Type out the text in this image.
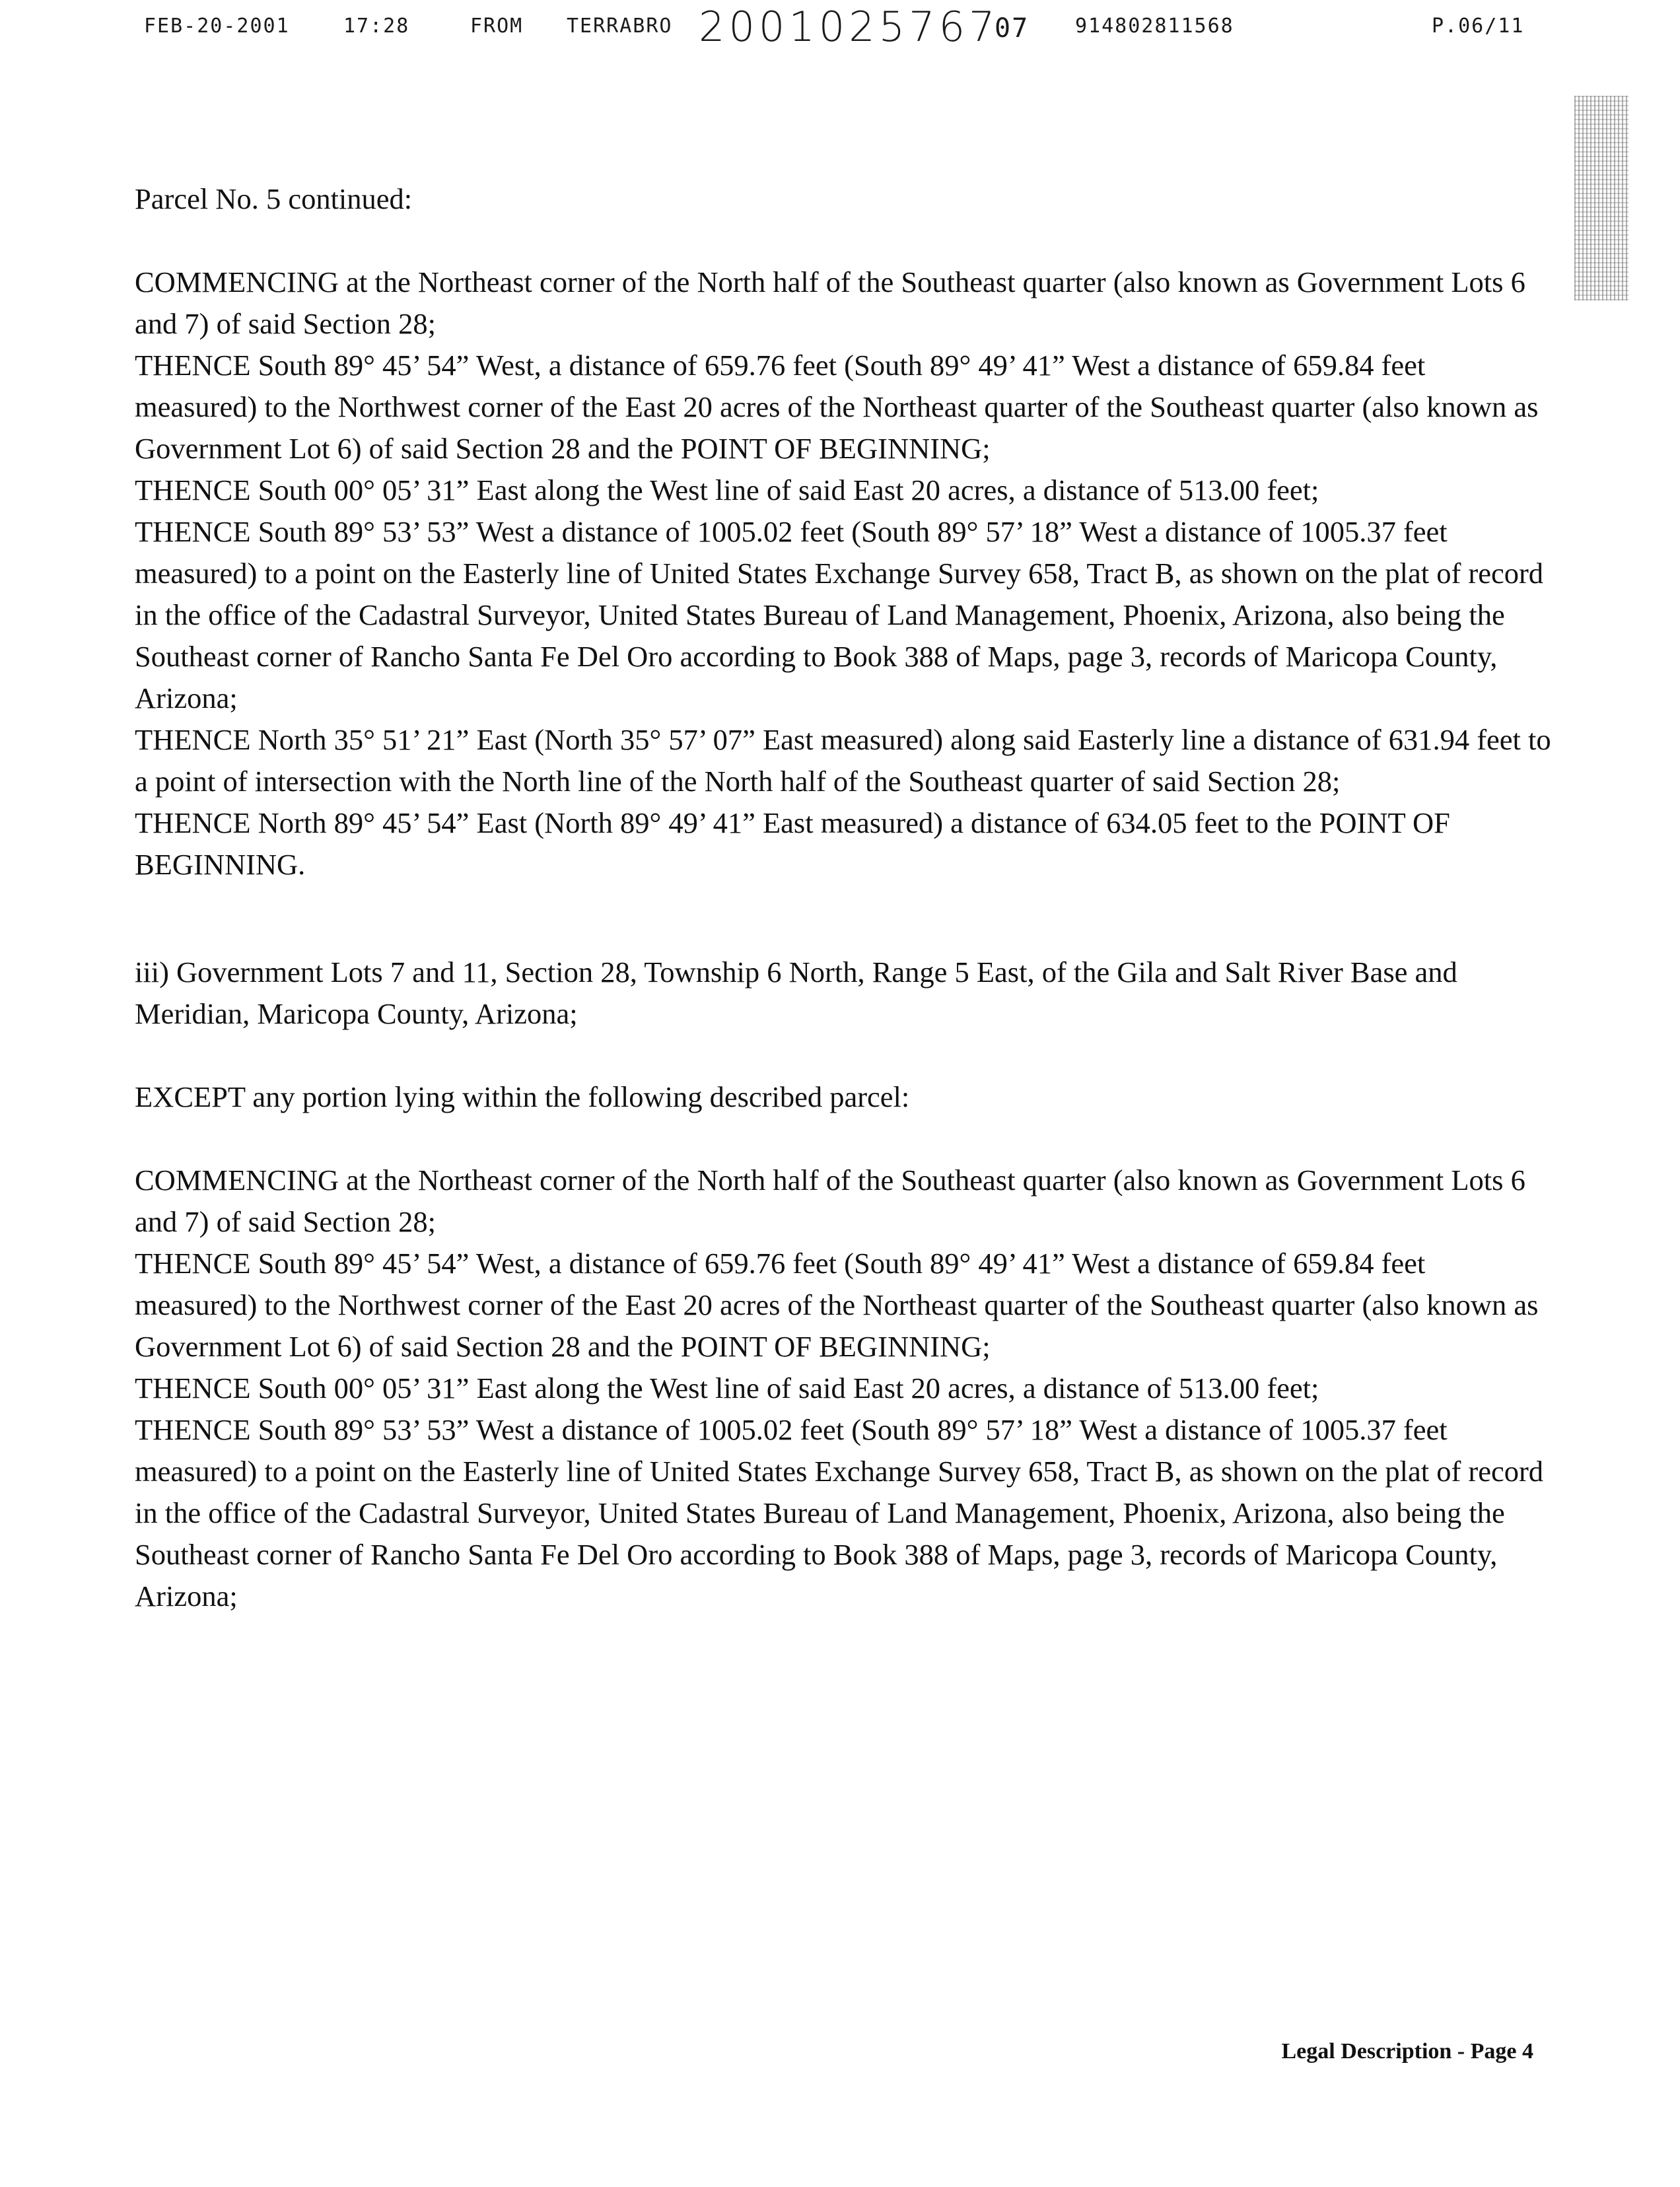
FEB-20-2001	17:28	FROM TERRABRO 2001025767
07 914802811568	P.06/11

Parcel No. 5 continued:

COMMENCING at the Northeast corner of the North half of the Southeast quarter (also known as Government Lots 6 and 7) of said Section 28;

THENCE South 89° 45’ 54” West, a distance of 659.76 feet (South 89° 49’ 41” West a distance of 659.84 feet measured) to the Northwest corner of the East 20 acres of the Northeast quarter of the Southeast quarter (also known as Government Lot 6) of said Section 28 and the POINT OF BEGINNING;

THENCE South 00° 05’ 31” East along the West line of said East 20 acres, a distance of 513.00 feet;

THENCE South 89° 53’ 53” West a distance of 1005.02 feet (South 89° 57’ 18” West a distance of 1005.37 feet measured) to a point on the Easterly line of United States Exchange Survey 658, Tract B, as shown on the plat of record in the office of the Cadastral Surveyor, United States Bureau of Land Management, Phoenix, Arizona, also being the Southeast corner of Rancho Santa Fe Del Oro according to Book 388 of Maps, page 3, records of Maricopa County, Arizona;

THENCE North 35° 51’ 21” East (North 35° 57’ 07” East measured) along said Easterly line a distance of 631.94 feet to a point of intersection with the North line of the North half of the Southeast quarter of said Section 28;

THENCE North 89° 45’ 54” East (North 89° 49’ 41” East measured) a distance of 634.05 feet to the POINT OF BEGINNING.

iii) Government Lots 7 and 11, Section 28, Township 6 North, Range 5 East, of the Gila and Salt River Base and Meridian, Maricopa County, Arizona;

EXCEPT any portion lying within the following described parcel:

COMMENCING at the Northeast corner of the North half of the Southeast quarter (also known as Government Lots 6 and 7) of said Section 28;

THENCE South 89° 45’ 54” West, a distance of 659.76 feet (South 89° 49’ 41” West a distance of 659.84 feet measured) to the Northwest corner of the East 20 acres of the Northeast quarter of the Southeast quarter (also known as Government Lot 6) of said Section 28 and the POINT OF BEGINNING;

THENCE South 00° 05’ 31” East along the West line of said East 20 acres, a distance of 513.00 feet;

THENCE South 89° 53’ 53” West a distance of 1005.02 feet (South 89° 57’ 18” West a distance of 1005.37 feet measured) to a point on the Easterly line of United States Exchange Survey 658, Tract B, as shown on the plat of record in the office of the Cadastral Surveyor, United States Bureau of Land Management, Phoenix, Arizona, also being the Southeast corner of Rancho Santa Fe Del Oro according to Book 388 of Maps, page 3, records of Maricopa County, Arizona;

Legal Description - Page 4
